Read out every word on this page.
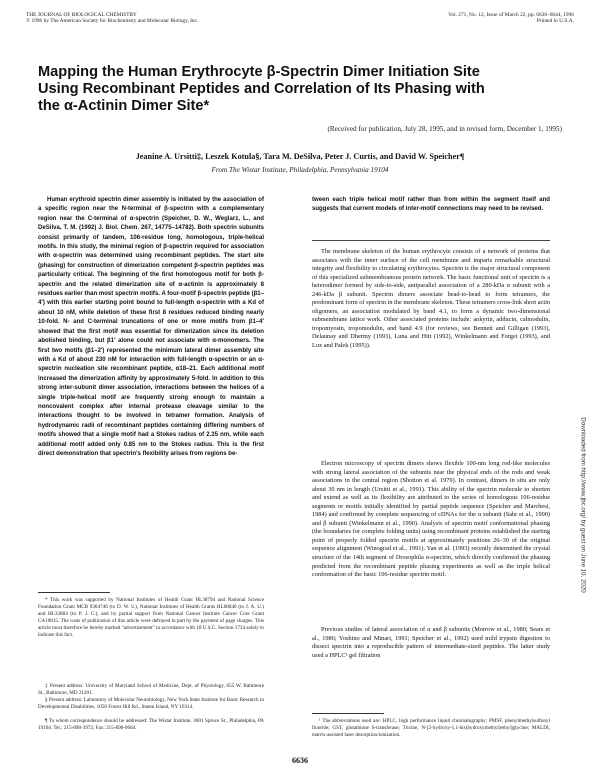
THE JOURNAL OF BIOLOGICAL CHEMISTRY
© 1996 by The American Society for Biochemistry and Molecular Biology, Inc.
Vol. 271, No. 12, Issue of March 22, pp. 6636–6644, 1996
Printed in U.S.A.
Mapping the Human Erythrocyte β-Spectrin Dimer Initiation Site
Using Recombinant Peptides and Correlation of Its Phasing with
the α-Actinin Dimer Site*
(Received for publication, July 28, 1995, and in revised form, December 1, 1995)
Jeanine A. Ursitti‡, Leszek Kotula§, Tara M. DeSilva, Peter J. Curtis, and David W. Speicher¶
From The Wistar Institute, Philadelphia, Pennsylvania 19104

Human erythroid spectrin dimer assembly is initiated by the association of a specific region near the N-terminal of β-spectrin with a complementary region near the C-terminal of α-spectrin (Speicher, D. W., Weglarz, L., and DeSilva, T. M. (1992) J. Biol. Chem. 267, 14775–14782). Both spectrin subunits consist primarily of tandem, 106-residue long, homologous, triple-helical motifs. In this study, the minimal region of β-spectrin required for association with α-spectrin was determined using recombinant peptides. The start site (phasing) for construction of dimerization competent β-spectrin peptides was particularly critical. The beginning of the first homologous motif for both β-spectrin and the related dimerization site of α-actinin is approximately 8 residues earlier than most spectrin motifs. A four-motif β-spectrin peptide (β1–4′) with this earlier starting point bound to full-length α-spectrin with a Kd of about 10 nM, while deletion of these first 8 residues reduced binding nearly 10-fold. N- and C-terminal truncations of one or more motifs from β1–4′ showed that the first motif was essential for dimerization since its deletion abolished binding, but β1′ alone could not associate with α-monomers. The first two motifs (β1–2′) represented the minimum lateral dimer assembly site with a Kd of about 230 nM for interaction with full-length α-spectrin or an α-spectrin nucleation site recombinant peptide, α18–21. Each additional motif increased the dimerization affinity by approximately 5-fold. In addition to this strong inter-subunit dimer association, interactions between the helices of a single triple-helical motif are frequently strong enough to maintain a noncovalent complex after internal protease cleavage similar to the interactions thought to be involved in tetramer formation. Analysis of hydrodynamic radii of recombinant peptides containing differing numbers of motifs showed that a single motif had a Stokes radius of 2.35 nm, while each additional motif added only 0.85 nm to the Stokes radius. This is the first direct demonstration that spectrin's flexibility arises from regions be-

tween each triple helical motif rather than from within the segment itself and suggests that current models of inter-motif connections may need to be revised.

The membrane skeleton of the human erythrocyte consists of a network of proteins that associates with the inner surface of the cell membrane and imparts remarkable structural integrity and flexibility to circulating erythrocytes. Spectrin is the major structural component of this specialized submembranous protein network. The basic functional unit of spectrin is a heterodimer formed by side-to-side, antiparallel association of a 280-kDa α subunit with a 246-kDa β subunit. Spectrin dimers associate head-to-head to form tetramers, the predominant form of spectrin in the membrane skeleton. These tetramers cross-link short actin oligomers, an association modulated by band 4.1, to form a dynamic two-dimensional submembrane lattice work. Other associated proteins include: ankyrin, adducin, calmodulin, tropomyosin, tropomodulin, and band 4.9 (for reviews, see Bennett and Gilligan (1993), Delaunay and Dhermy (1993), Luna and Hitt (1992), Winkelmann and Forget (1993), and Lux and Palek (1995)).

Electron microscopy of spectrin dimers shows flexible 100-nm long rod-like molecules with strong lateral association of the subunits near the physical ends of the rods and weak associations in the central region (Shotton et al. 1979). In contrast, dimers in situ are only about 30 nm in length (Ursitti et al., 1991). This ability of the spectrin molecule to shorten and extend as well as its flexibility are attributed to the series of homologous 106-residue segments or motifs initially identified by partial peptide sequence (Speicher and Marchesi, 1984) and confirmed by complete sequencing of cDNAs for the α subunit (Sahr et al., 1990) and β subunit (Winkelmann et al., 1990). Analysis of spectrin motif conformational phasing (the boundaries for complete folding units) using recombinant proteins established the starting point of properly folded spectrin motifs at approximately positions 26–30 of the original sequence alignment (Winograd et al., 1991). Yan et al. (1993) recently determined the crystal structure of the 14th segment of Drosophila α-spectrin, which directly confirmed the phasing predicted from the recombinant peptide phasing experiments as well as the triple helical conformation of the basic 106-residue spectrin motif.

Previous studies of lateral association of α and β subunits (Morrow et al., 1980; Sears et al., 1986; Yoshino and Minari, 1991; Speicher et al., 1992) used mild trypsin digestion to dissect spectrin into a reproducible pattern of intermediate-sized peptides. The latter study used a HPLC¹ gel filtration

* This work was supported by National Institutes of Health Grant HL38794 and National Science Foundation Grant MCB 9304746 (to D. W. S.), National Institutes of Health Grants HL08840 (to J. A. U.) and HL33884 (to P. J. C.), and by partial support from National Cancer Institute Cancer Core Grant CA10815. The costs of publication of this article were defrayed in part by the payment of page charges. This article must therefore be hereby marked "advertisement" in accordance with 18 U.S.C. Section 1734 solely to indicate this fact.

‡ Present address: University of Maryland School of Medicine, Dept. of Physiology, 655 W. Baltimore St., Baltimore, MD 21201.

§ Present address: Laboratory of Molecular Neurobiology, New York State Institute for Basic Research in Developmental Disabilities, 1050 Forest Hill Rd., Staten Island, NY 10314.

¶ To whom correspondence should be addressed: The Wistar Institute, 3601 Spruce St., Philadelphia, PA 19104. Tel.: 215-898-3972; Fax: 215-898-0664.

¹ The abbreviations used are: HPLC, high performance liquid chromatography; PMSF, phenylmethylsulfonyl fluoride; GST, glutathione S-transferase; Tricine, N-[2-hydroxy-1,1-bis(hydroxymethyl)ethyl]glycine; MALDI, matrix-assisted laser desorption/ionization.

6636
Downloaded from http://www.jbc.org/ by guest on June 10, 2020
